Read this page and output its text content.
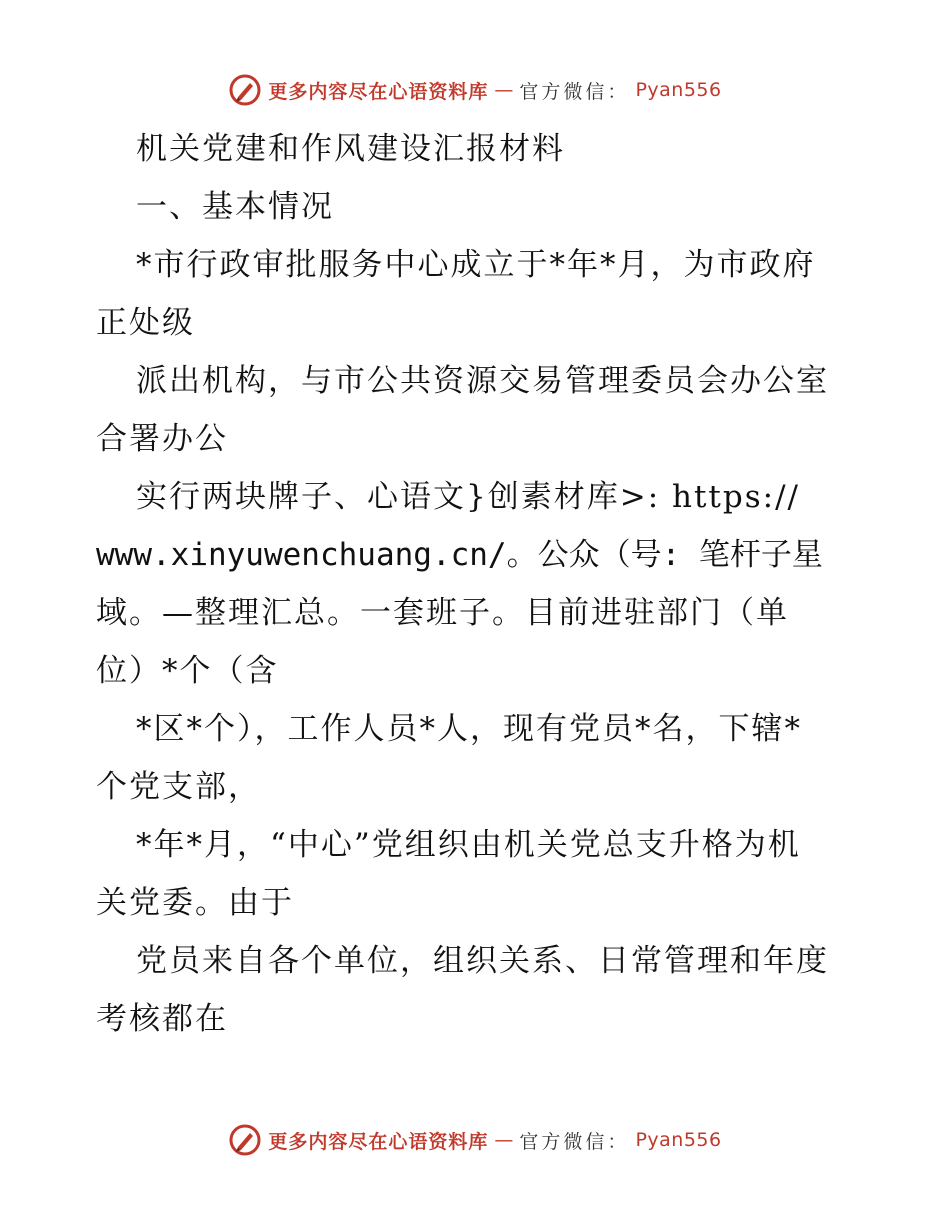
更多内容尽在心语资料库 — 官方微信： Pyan556
机关党建和作风建设汇报材料
一、基本情况
*市行政审批服务中心成立于*年*月，为市政府
正处级
派出机构，与市公共资源交易管理委员会办公室
合署办公
实行两块牌子、心语文}创素材库>: https://
www.xinyuwenchuang.cn/。公众（号: 笔杆子星
域。—整理汇总。一套班子。目前进驻部门（单
位）*个（含
*区*个），工作人员*人，现有党员*名，下辖*
个党支部，
*年*月，“中心”党组织由机关党总支升格为机
关党委。由于
党员来自各个单位，组织关系、日常管理和年度
考核都在
更多内容尽在心语资料库 — 官方微信： Pyan556
